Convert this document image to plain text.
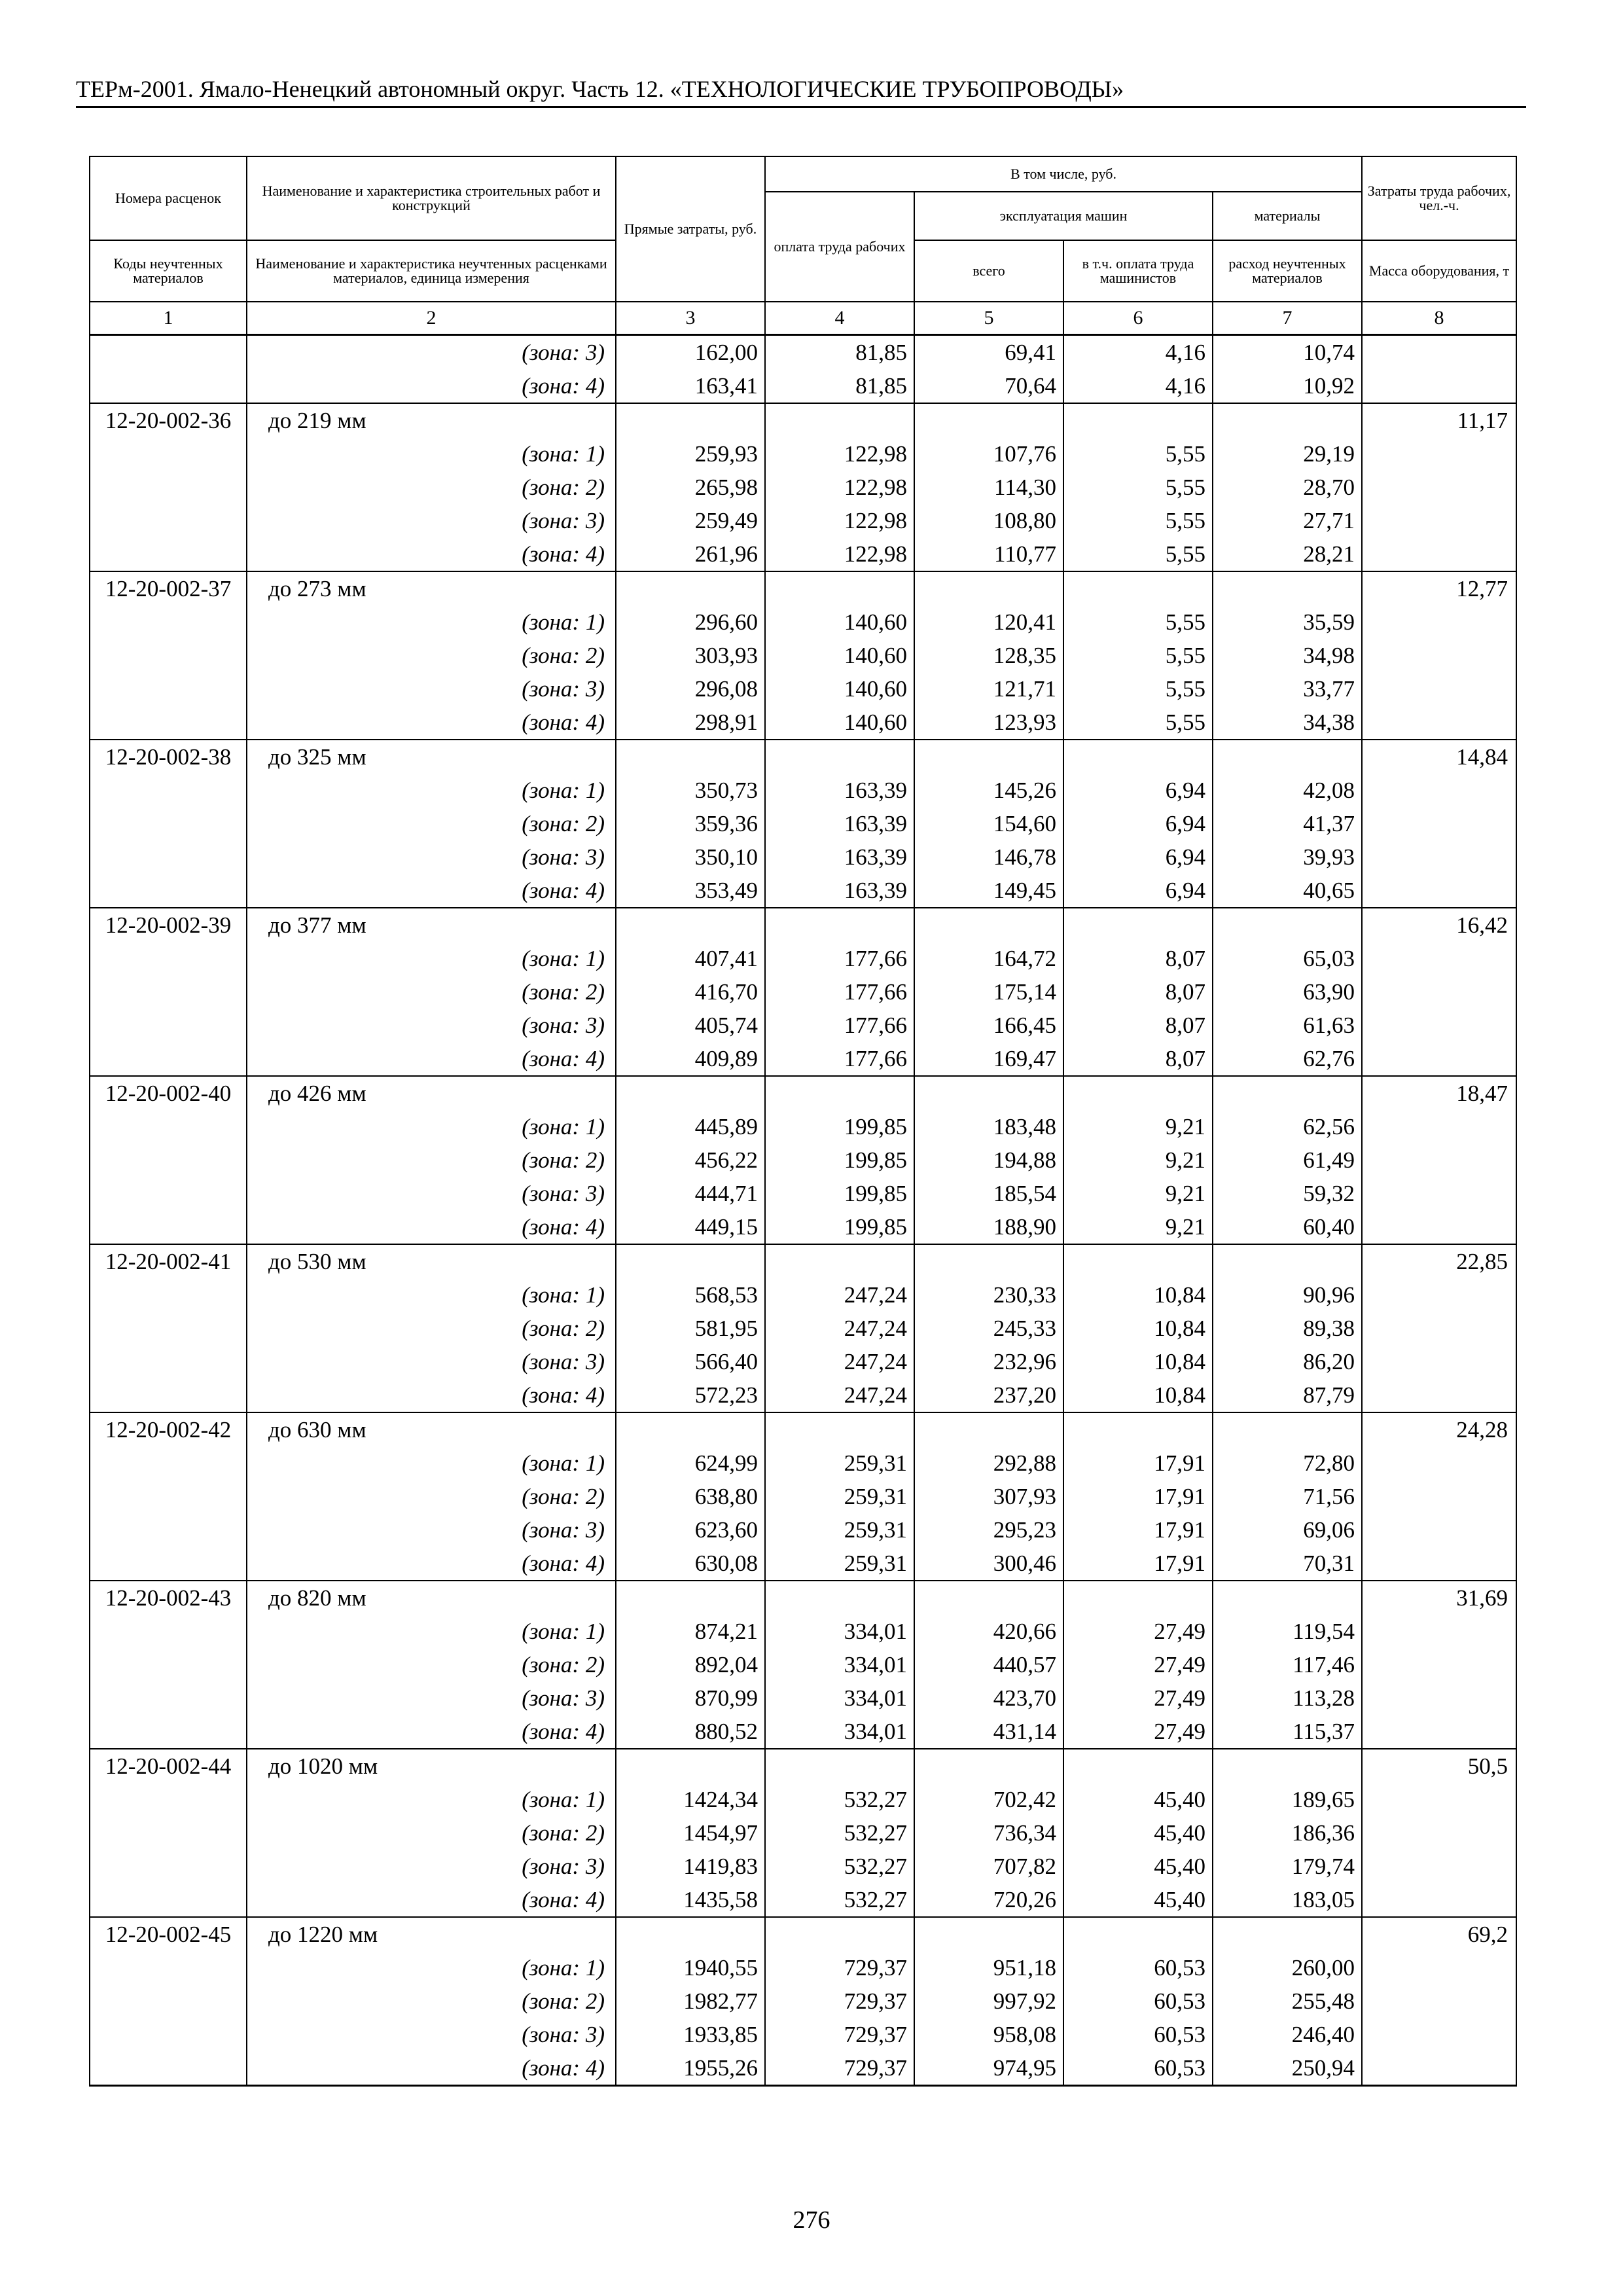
ТЕРм-2001. Ямало-Ненецкий автономный округ. Часть 12. «ТЕХНОЛОГИЧЕСКИЕ ТРУБОПРОВОДЫ»
Номера расценок	Наименование и характеристика строительных работ и конструкций	Прямые затраты, руб.	В том числе, руб.				Затраты труда рабочих, чел.-ч.
			оплата труда рабочих	эксплуатация машин		материалы	
Коды неучтенных материалов	Наименование и характеристика неучтенных расценками материалов, единица измерения			всего	в т.ч. оплата труда машинистов	расход неучтенных материалов	Масса оборудования, т
1	2	3	4	5	6	7	8
	(зона: 3)	162,00	81,85	69,41	4,16	10,74	
	(зона: 4)	163,41	81,85	70,64	4,16	10,92	
12-20-002-36	до 219 мм						11,17
	(зона: 1)	259,93	122,98	107,76	5,55	29,19	
	(зона: 2)	265,98	122,98	114,30	5,55	28,70	
	(зона: 3)	259,49	122,98	108,80	5,55	27,71	
	(зона: 4)	261,96	122,98	110,77	5,55	28,21	
12-20-002-37	до 273 мм						12,77
	(зона: 1)	296,60	140,60	120,41	5,55	35,59	
	(зона: 2)	303,93	140,60	128,35	5,55	34,98	
	(зона: 3)	296,08	140,60	121,71	5,55	33,77	
	(зона: 4)	298,91	140,60	123,93	5,55	34,38	
12-20-002-38	до 325 мм						14,84
	(зона: 1)	350,73	163,39	145,26	6,94	42,08	
	(зона: 2)	359,36	163,39	154,60	6,94	41,37	
	(зона: 3)	350,10	163,39	146,78	6,94	39,93	
	(зона: 4)	353,49	163,39	149,45	6,94	40,65	
12-20-002-39	до 377 мм						16,42
	(зона: 1)	407,41	177,66	164,72	8,07	65,03	
	(зона: 2)	416,70	177,66	175,14	8,07	63,90	
	(зона: 3)	405,74	177,66	166,45	8,07	61,63	
	(зона: 4)	409,89	177,66	169,47	8,07	62,76	
12-20-002-40	до 426 мм						18,47
	(зона: 1)	445,89	199,85	183,48	9,21	62,56	
	(зона: 2)	456,22	199,85	194,88	9,21	61,49	
	(зона: 3)	444,71	199,85	185,54	9,21	59,32	
	(зона: 4)	449,15	199,85	188,90	9,21	60,40	
12-20-002-41	до 530 мм						22,85
	(зона: 1)	568,53	247,24	230,33	10,84	90,96	
	(зона: 2)	581,95	247,24	245,33	10,84	89,38	
	(зона: 3)	566,40	247,24	232,96	10,84	86,20	
	(зона: 4)	572,23	247,24	237,20	10,84	87,79	
12-20-002-42	до 630 мм						24,28
	(зона: 1)	624,99	259,31	292,88	17,91	72,80	
	(зона: 2)	638,80	259,31	307,93	17,91	71,56	
	(зона: 3)	623,60	259,31	295,23	17,91	69,06	
	(зона: 4)	630,08	259,31	300,46	17,91	70,31	
12-20-002-43	до 820 мм						31,69
	(зона: 1)	874,21	334,01	420,66	27,49	119,54	
	(зона: 2)	892,04	334,01	440,57	27,49	117,46	
	(зона: 3)	870,99	334,01	423,70	27,49	113,28	
	(зона: 4)	880,52	334,01	431,14	27,49	115,37	
12-20-002-44	до 1020 мм						50,5
	(зона: 1)	1424,34	532,27	702,42	45,40	189,65	
	(зона: 2)	1454,97	532,27	736,34	45,40	186,36	
	(зона: 3)	1419,83	532,27	707,82	45,40	179,74	
	(зона: 4)	1435,58	532,27	720,26	45,40	183,05	
12-20-002-45	до 1220 мм						69,2
	(зона: 1)	1940,55	729,37	951,18	60,53	260,00	
	(зона: 2)	1982,77	729,37	997,92	60,53	255,48	
	(зона: 3)	1933,85	729,37	958,08	60,53	246,40	
	(зона: 4)	1955,26	729,37	974,95	60,53	250,94	
276
